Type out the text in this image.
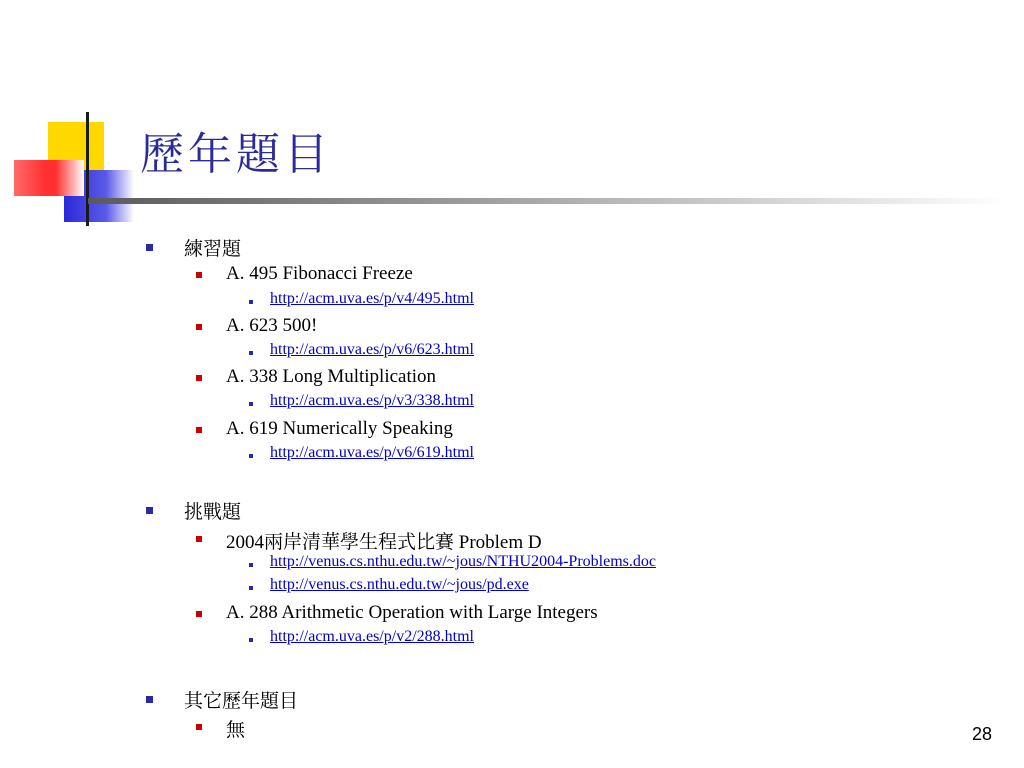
歷年題目
練習題
A. 495 Fibonacci Freeze
http://acm.uva.es/p/v4/495.html
A. 623 500!
http://acm.uva.es/p/v6/623.html
A. 338 Long Multiplication
http://acm.uva.es/p/v3/338.html
A. 619 Numerically Speaking
http://acm.uva.es/p/v6/619.html
挑戰題
2004兩岸清華學生程式比賽 Problem D
http://venus.cs.nthu.edu.tw/~jous/NTHU2004-Problems.doc
http://venus.cs.nthu.edu.tw/~jous/pd.exe
A. 288 Arithmetic Operation with Large Integers
http://acm.uva.es/p/v2/288.html
其它歷年題目
無	28
